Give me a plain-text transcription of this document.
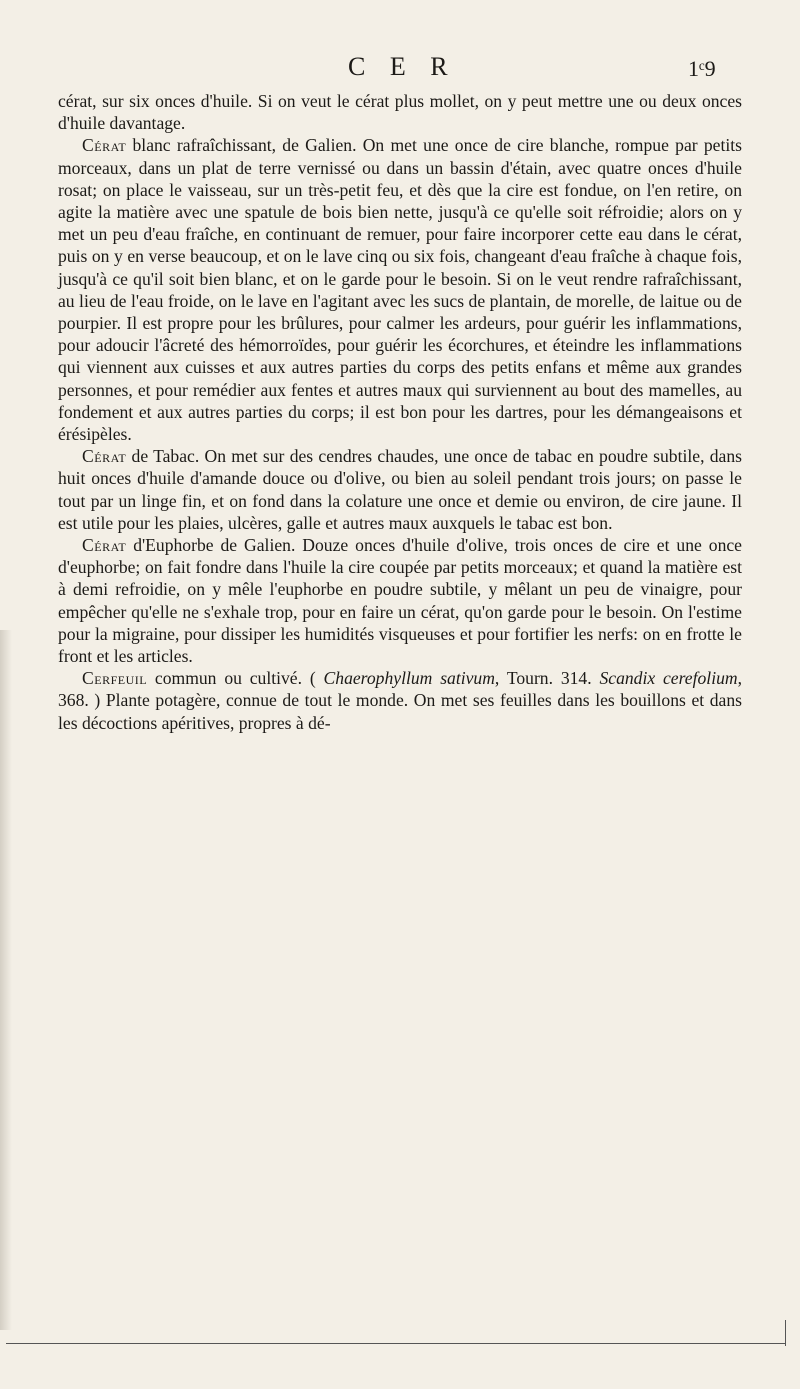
C E R	1ᶜ9

cérat, sur six onces d'huile. Si on veut le cérat plus mollet, on y peut mettre une ou deux onces d'huile davantage.

Cérat blanc rafraîchissant, de Galien. On met une once de cire blanche, rompue par petits morceaux, dans un plat de terre vernissé ou dans un bassin d'étain, avec quatre onces d'huile rosat; on place le vaisseau, sur un très-petit feu, et dès que la cire est fondue, on l'en retire, on agite la matière avec une spatule de bois bien nette, jusqu'à ce qu'elle soit réfroidie; alors on y met un peu d'eau fraîche, en continuant de remuer, pour faire incorporer cette eau dans le cérat, puis on y en verse beaucoup, et on le lave cinq ou six fois, changeant d'eau fraîche à chaque fois, jusqu'à ce qu'il soit bien blanc, et on le garde pour le besoin. Si on le veut rendre rafraîchissant, au lieu de l'eau froide, on le lave en l'agitant avec les sucs de plantain, de morelle, de laitue ou de pourpier. Il est propre pour les brûlures, pour calmer les ardeurs, pour guérir les inflammations, pour adoucir l'âcreté des hémorroïdes, pour guérir les écorchures, et éteindre les inflammations qui viennent aux cuisses et aux autres parties du corps des petits enfans et même aux grandes personnes, et pour remédier aux fentes et autres maux qui surviennent au bout des mamelles, au fondement et aux autres parties du corps; il est bon pour les dartres, pour les démangeaisons et érésipèles.

Cérat de Tabac. On met sur des cendres chaudes, une once de tabac en poudre subtile, dans huit onces d'huile d'amande douce ou d'olive, ou bien au soleil pendant trois jours; on passe le tout par un linge fin, et on fond dans la colature une once et demie ou environ, de cire jaune. Il est utile pour les plaies, ulcères, galle et autres maux auxquels le tabac est bon.

Cérat d'Euphorbe de Galien. Douze onces d'huile d'olive, trois onces de cire et une once d'euphorbe; on fait fondre dans l'huile la cire coupée par petits morceaux; et quand la matière est à demi refroidie, on y mêle l'euphorbe en poudre subtile, y mêlant un peu de vinaigre, pour empêcher qu'elle ne s'exhale trop, pour en faire un cérat, qu'on garde pour le besoin. On l'estime pour la migraine, pour dissiper les humidités visqueuses et pour fortifier les nerfs: on en frotte le front et les articles.

Cerfeuil commun ou cultivé. ( Chaerophyllum sativum, Tourn. 314. Scandix cerefolium, 368. ) Plante potagère, connue de tout le monde. On met ses feuilles dans les bouillons et dans les décoctions apéritives, propres à dé-
